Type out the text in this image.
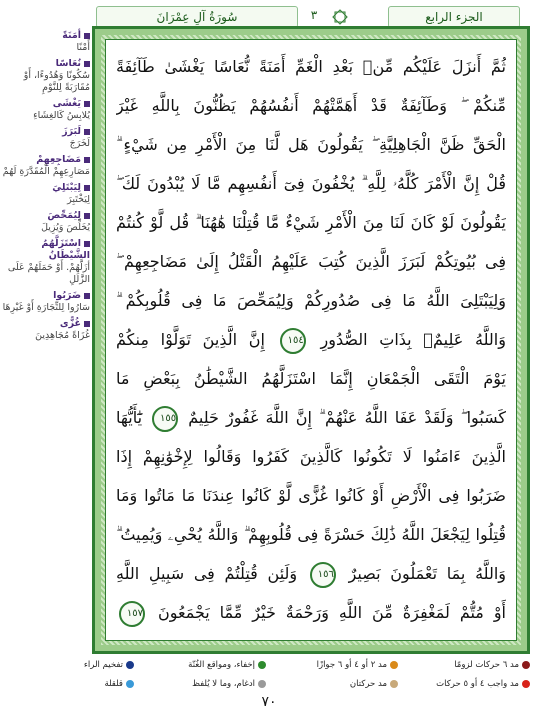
سُورَةُ آلِ عِمْرَانَ	٣	الجزء الرابع
أمَنَةً
أَمْنًا
نُعَاسًا
سُكُونًا وَهُدُوءًا، أَوْ مُقَارَبَةً لِلنَّوْمِ
يَغْشَى
يُلابِسُ كَالغِشَاءِ
لَبَرَزَ
لَخَرَجَ
مَضَاجِعِهِمْ
مَصَارِعِهِمْ الْمُقَدَّرَةِ لَهُمْ
لِيَبْتَلِيَ
لِيَخْتَبِرَ
لِيُمَحِّصَ
يُخَلِّصَ وَيُزِيلَ
اسْتَزَلَّهُمُ الشَّيْطَانُ
أزَلَّهُمْ. أَوْ حَمَلَهُمْ عَلَى الزَّلَلِ
ضَرَبُوا
سَارُوا لِلتِّجَارَةِ أَوْ غَيْرِهَا
غُزًّى
غُزَاةً مُجَاهِدِينَ
ثُمَّ أَنزَلَ عَلَيْكُم مِّنۢ بَعْدِ الْغَمِّ أَمَنَةً نُّعَاسًا يَغْشَىٰ طَآئِفَةً
مِّنكُمْ ۖ وَطَآئِفَةٌ قَدْ أَهَمَّتْهُمْ أَنفُسُهُمْ يَظُنُّونَ بِاللَّهِ غَيْرَ
الْحَقِّ ظَنَّ الْجَاهِلِيَّةِ ۖ يَقُولُونَ هَل لَّنَا مِنَ الْأَمْرِ مِن شَيْءٍ ۗ
قُلْ إِنَّ الْأَمْرَ كُلَّهُۥ لِلَّهِ ۗ يُخْفُونَ فِىٓ أَنفُسِهِم مَّا لَا يُبْدُونَ لَكَ ۖ
يَقُولُونَ لَوْ كَانَ لَنَا مِنَ الْأَمْرِ شَيْءٌ مَّا قُتِلْنَا هَٰهُنَا ۗ قُل لَّوْ كُنتُمْ
فِى بُيُوتِكُمْ لَبَرَزَ الَّذِينَ كُتِبَ عَلَيْهِمُ الْقَتْلُ إِلَىٰ مَضَاجِعِهِمْ ۖ
وَلِيَبْتَلِىَ اللَّهُ مَا فِى صُدُورِكُمْ وَلِيُمَحِّصَ مَا فِى قُلُوبِكُمْ ۗ
وَاللَّهُ عَلِيمٌۢ بِذَاتِ الصُّدُورِ ١٥٤ إِنَّ الَّذِينَ تَوَلَّوْا مِنكُمْ
يَوْمَ الْتَقَى الْجَمْعَانِ إِنَّمَا اسْتَزَلَّهُمُ الشَّيْطَٰنُ بِبَعْضِ مَا
كَسَبُوا ۖ وَلَقَدْ عَفَا اللَّهُ عَنْهُمْ ۗ إِنَّ اللَّهَ غَفُورٌ حَلِيمٌ ١٥٥ يَٰٓأَيُّهَا
الَّذِينَ ءَامَنُوا لَا تَكُونُوا كَالَّذِينَ كَفَرُوا وَقَالُوا لِإِخْوَٰنِهِمْ إِذَا
ضَرَبُوا فِى الْأَرْضِ أَوْ كَانُوا غُزًّى لَّوْ كَانُوا عِندَنَا مَا مَاتُوا وَمَا
قُتِلُوا لِيَجْعَلَ اللَّهُ ذَٰلِكَ حَسْرَةً فِى قُلُوبِهِمْ ۗ وَاللَّهُ يُحْىِۦ وَيُمِيتُ ۗ
وَاللَّهُ بِمَا تَعْمَلُونَ بَصِيرٌ ١٥٦ وَلَئِن قُتِلْتُمْ فِى سَبِيلِ اللَّهِ
أَوْ مُتُّمْ لَمَغْفِرَةٌ مِّنَ اللَّهِ وَرَحْمَةٌ خَيْرٌ مِّمَّا يَجْمَعُونَ ١٥٧
مد ٦ حركات لزومًا
مد ٢ أو ٤ أو ٦ جوازًا
إخفاء، ومواقع الغُنّة
تفخيم الراء
مد واجب ٤ أو ٥ حركات
مد حركتان
ادغام، وما لا يُلفظ
قلقلة
٧٠
